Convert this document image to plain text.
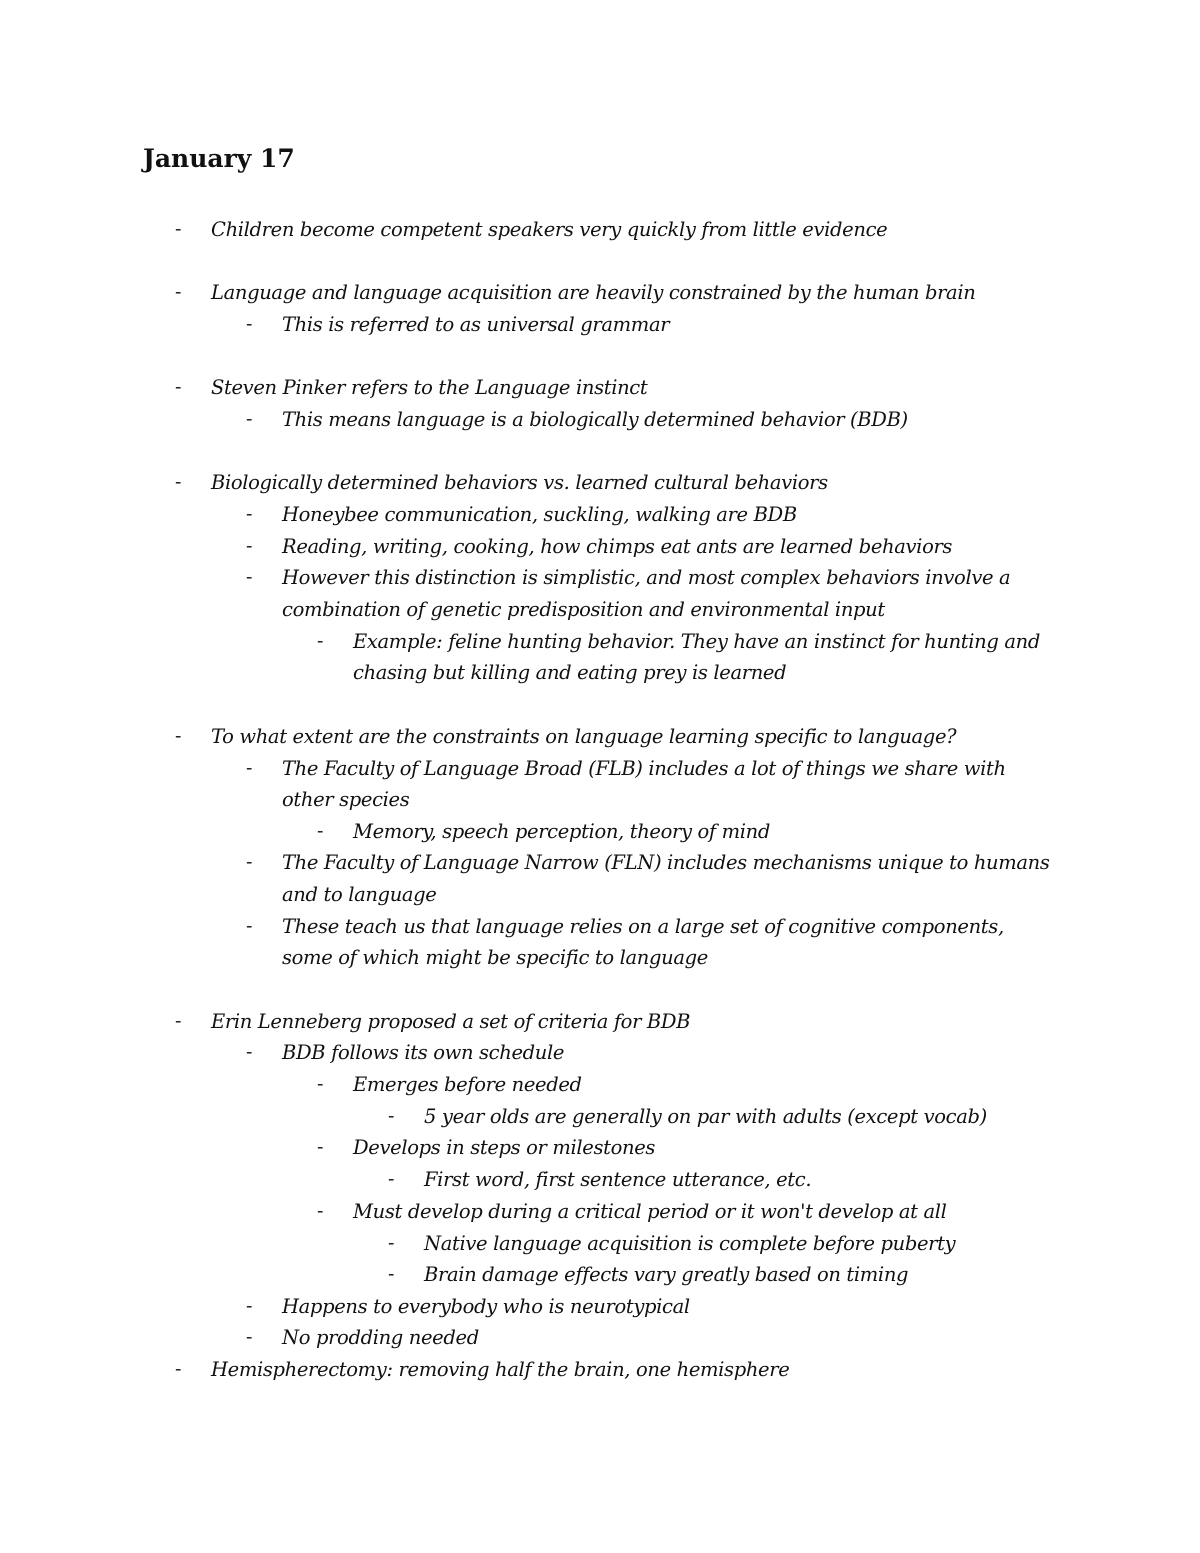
January 17
- Children become competent speakers very quickly from little evidence
- Language and language acquisition are heavily constrained by the human brain
- This is referred to as universal grammar
- Steven Pinker refers to the Language instinct
- This means language is a biologically determined behavior (BDB)
- Biologically determined behaviors vs. learned cultural behaviors
- Honeybee communication, suckling, walking are BDB
- Reading, writing, cooking, how chimps eat ants are learned behaviors
- However this distinction is simplistic, and most complex behaviors involve a
combination of genetic predisposition and environmental input
- Example: feline hunting behavior. They have an instinct for hunting and
chasing but killing and eating prey is learned
- To what extent are the constraints on language learning specific to language?
- The Faculty of Language Broad (FLB) includes a lot of things we share with
other species
- Memory, speech perception, theory of mind
- The Faculty of Language Narrow (FLN) includes mechanisms unique to humans
and to language
- These teach us that language relies on a large set of cognitive components,
some of which might be specific to language
- Erin Lenneberg proposed a set of criteria for BDB
- BDB follows its own schedule
- Emerges before needed
- 5 year olds are generally on par with adults (except vocab)
- Develops in steps or milestones
- First word, first sentence utterance, etc.
- Must develop during a critical period or it won't develop at all
- Native language acquisition is complete before puberty
- Brain damage effects vary greatly based on timing
- Happens to everybody who is neurotypical
- No prodding needed
- Hemispherectomy: removing half the brain, one hemisphere
